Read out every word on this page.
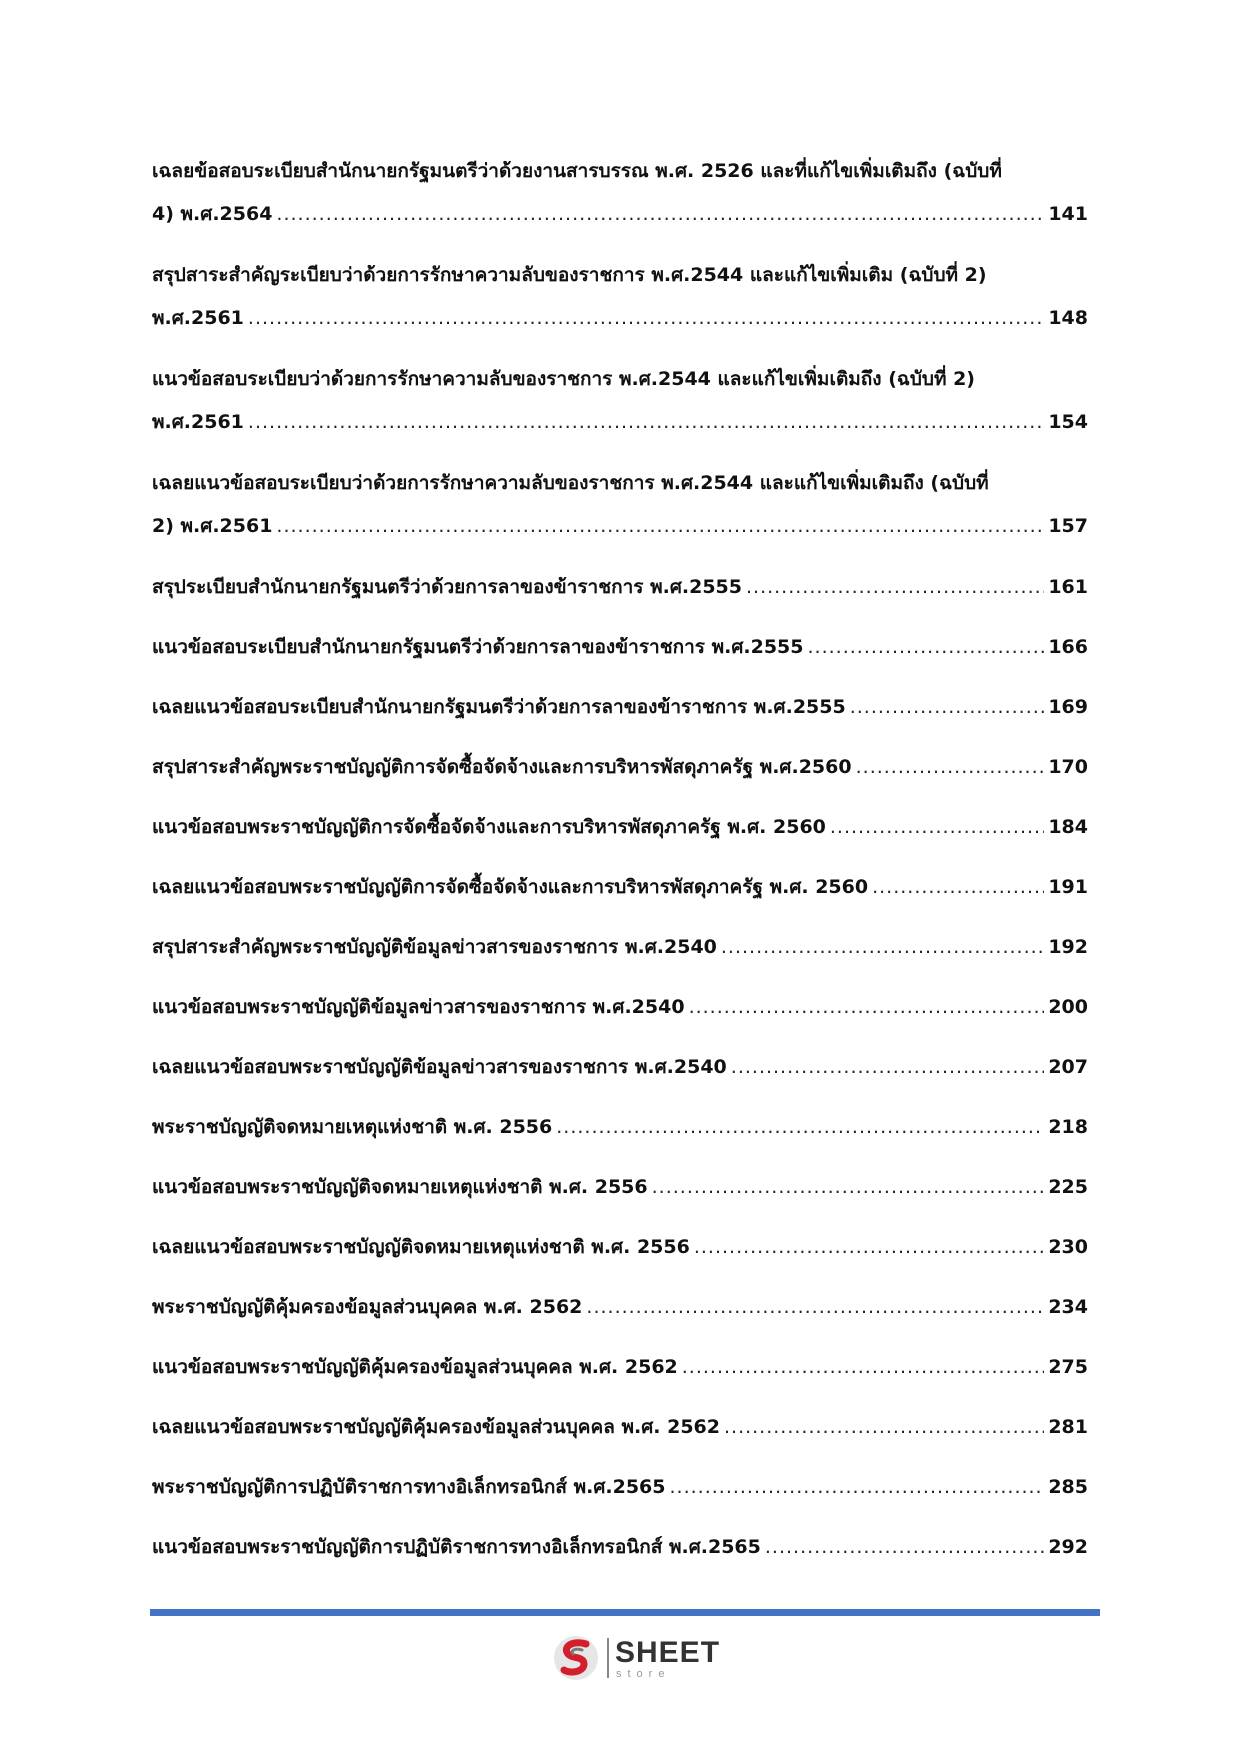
เฉลยข้อสอบระเบียบสำนักนายกรัฐมนตรีว่าด้วยงานสารบรรณ พ.ศ. 2526 และที่แก้ไขเพิ่มเติมถึง (ฉบับที่
4) พ.ศ.2564 .....	141
สรุปสาระสำคัญระเบียบว่าด้วยการรักษาความลับของราชการ พ.ศ.2544 และแก้ไขเพิ่มเติม (ฉบับที่ 2)
พ.ศ.2561 .....	148
แนวข้อสอบระเบียบว่าด้วยการรักษาความลับของราชการ พ.ศ.2544 และแก้ไขเพิ่มเติมถึง (ฉบับที่ 2)
พ.ศ.2561 .....	154
เฉลยแนวข้อสอบระเบียบว่าด้วยการรักษาความลับของราชการ พ.ศ.2544 และแก้ไขเพิ่มเติมถึง (ฉบับที่
2) พ.ศ.2561 .....	157
สรุประเบียบสำนักนายกรัฐมนตรีว่าด้วยการลาของข้าราชการ พ.ศ.2555 .....	161
แนวข้อสอบระเบียบสำนักนายกรัฐมนตรีว่าด้วยการลาของข้าราชการ พ.ศ.2555 .....	166
เฉลยแนวข้อสอบระเบียบสำนักนายกรัฐมนตรีว่าด้วยการลาของข้าราชการ พ.ศ.2555 .....	169
สรุปสาระสำคัญพระราชบัญญัติการจัดซื้อจัดจ้างและการบริหารพัสดุภาครัฐ พ.ศ.2560 .....	170
แนวข้อสอบพระราชบัญญัติการจัดซื้อจัดจ้างและการบริหารพัสดุภาครัฐ พ.ศ. 2560 .....	184
เฉลยแนวข้อสอบพระราชบัญญัติการจัดซื้อจัดจ้างและการบริหารพัสดุภาครัฐ พ.ศ. 2560 .....	191
สรุปสาระสำคัญพระราชบัญญัติข้อมูลข่าวสารของราชการ พ.ศ.2540 .....	192
แนวข้อสอบพระราชบัญญัติข้อมูลข่าวสารของราชการ พ.ศ.2540 .....	200
เฉลยแนวข้อสอบพระราชบัญญัติข้อมูลข่าวสารของราชการ พ.ศ.2540 .....	207
พระราชบัญญัติจดหมายเหตุแห่งชาติ พ.ศ. 2556 .....	218
แนวข้อสอบพระราชบัญญัติจดหมายเหตุแห่งชาติ พ.ศ. 2556 .....	225
เฉลยแนวข้อสอบพระราชบัญญัติจดหมายเหตุแห่งชาติ พ.ศ. 2556 .....	230
พระราชบัญญัติคุ้มครองข้อมูลส่วนบุคคล พ.ศ. 2562 .....	234
แนวข้อสอบพระราชบัญญัติคุ้มครองข้อมูลส่วนบุคคล พ.ศ. 2562 .....	275
เฉลยแนวข้อสอบพระราชบัญญัติคุ้มครองข้อมูลส่วนบุคคล พ.ศ. 2562 .....	281
พระราชบัญญัติการปฏิบัติราชการทางอิเล็กทรอนิกส์ พ.ศ.2565 .....	285
แนวข้อสอบพระราชบัญญัติการปฏิบัติราชการทางอิเล็กทรอนิกส์ พ.ศ.2565 .....	292
SHEET
store
